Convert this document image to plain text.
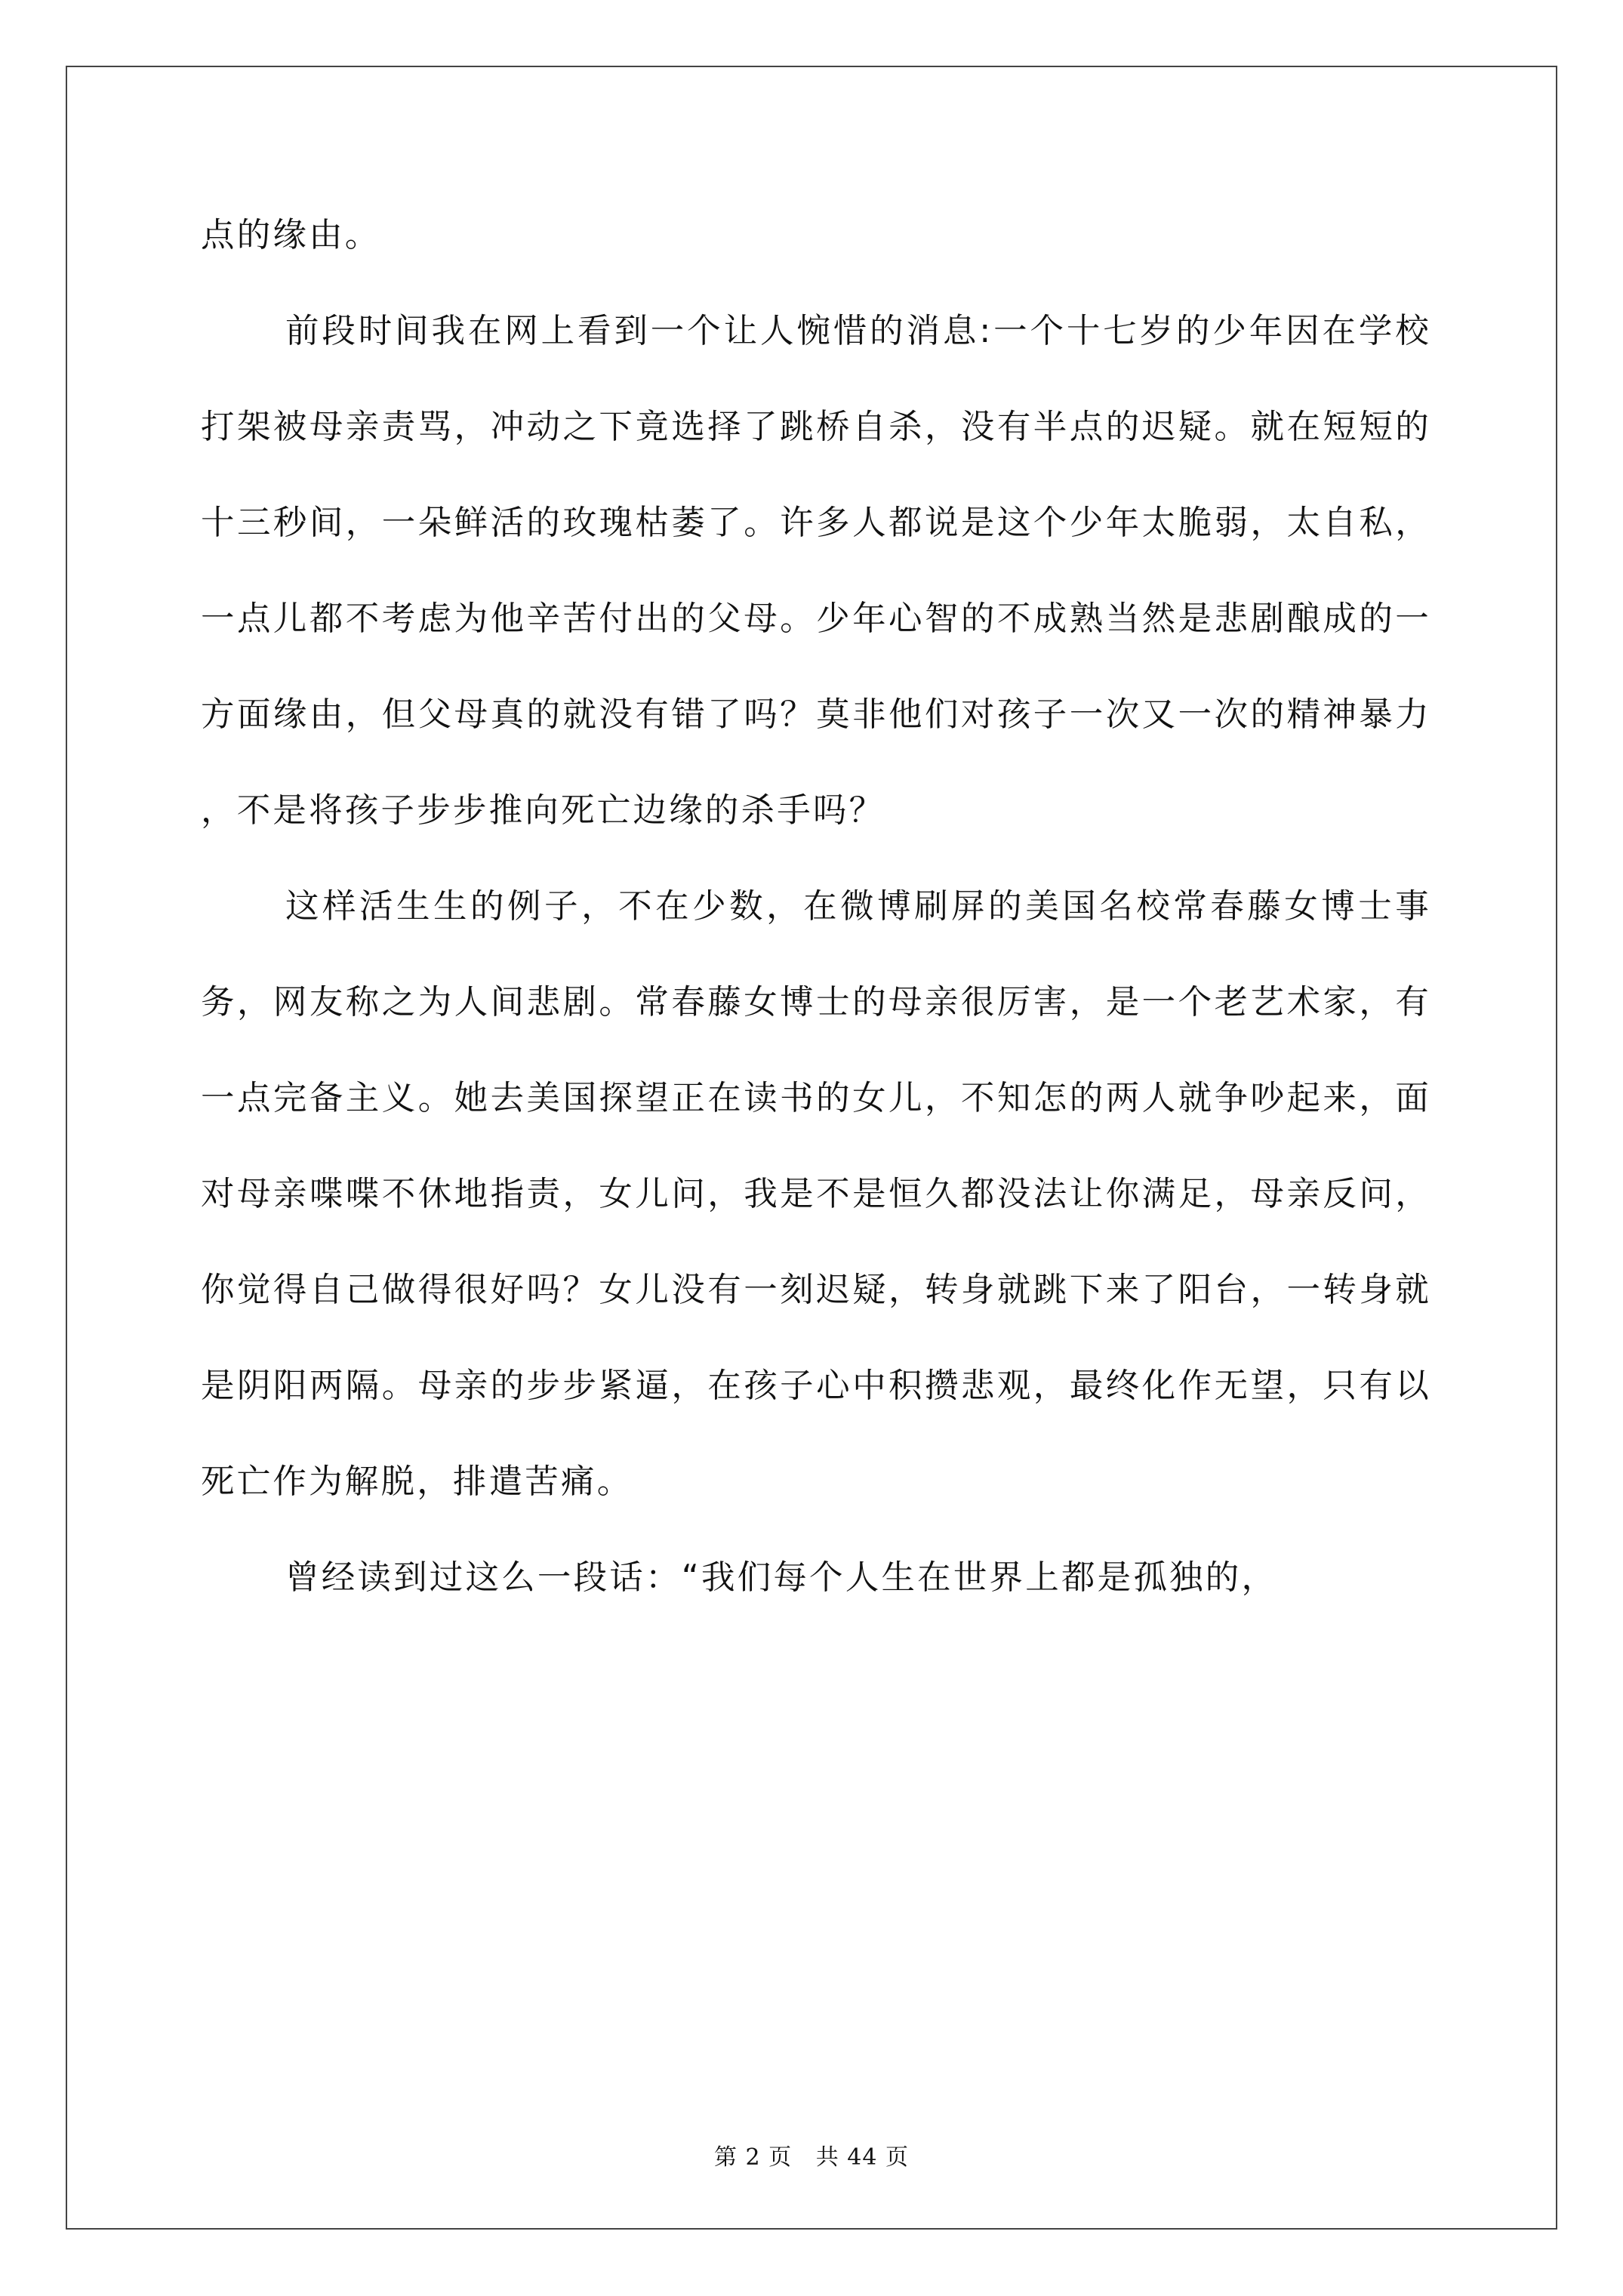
点的缘由。

前段时间我在网上看到一个让人惋惜的消息:一个十七岁的少年因在学校打架被母亲责骂，冲动之下竟选择了跳桥自杀，没有半点的迟疑。就在短短的十三秒间，一朵鲜活的玫瑰枯萎了。许多人都说是这个少年太脆弱，太自私，一点儿都不考虑为他辛苦付出的父母。少年心智的不成熟当然是悲剧酿成的一方面缘由，但父母真的就没有错了吗？莫非他们对孩子一次又一次的精神暴力，不是将孩子步步推向死亡边缘的杀手吗？

这样活生生的例子，不在少数，在微博刷屏的美国名校常春藤女博士事务，网友称之为人间悲剧。常春藤女博士的母亲很厉害，是一个老艺术家，有一点完备主义。她去美国探望正在读书的女儿，不知怎的两人就争吵起来，面对母亲喋喋不休地指责，女儿问，我是不是恒久都没法让你满足，母亲反问，你觉得自己做得很好吗？女儿没有一刻迟疑，转身就跳下来了阳台，一转身就是阴阳两隔。母亲的步步紧逼，在孩子心中积攒悲观，最终化作无望，只有以死亡作为解脱，排遣苦痛。

曾经读到过这么一段话：“我们每个人生在世界上都是孤独的，

第 2 页 共 44 页
